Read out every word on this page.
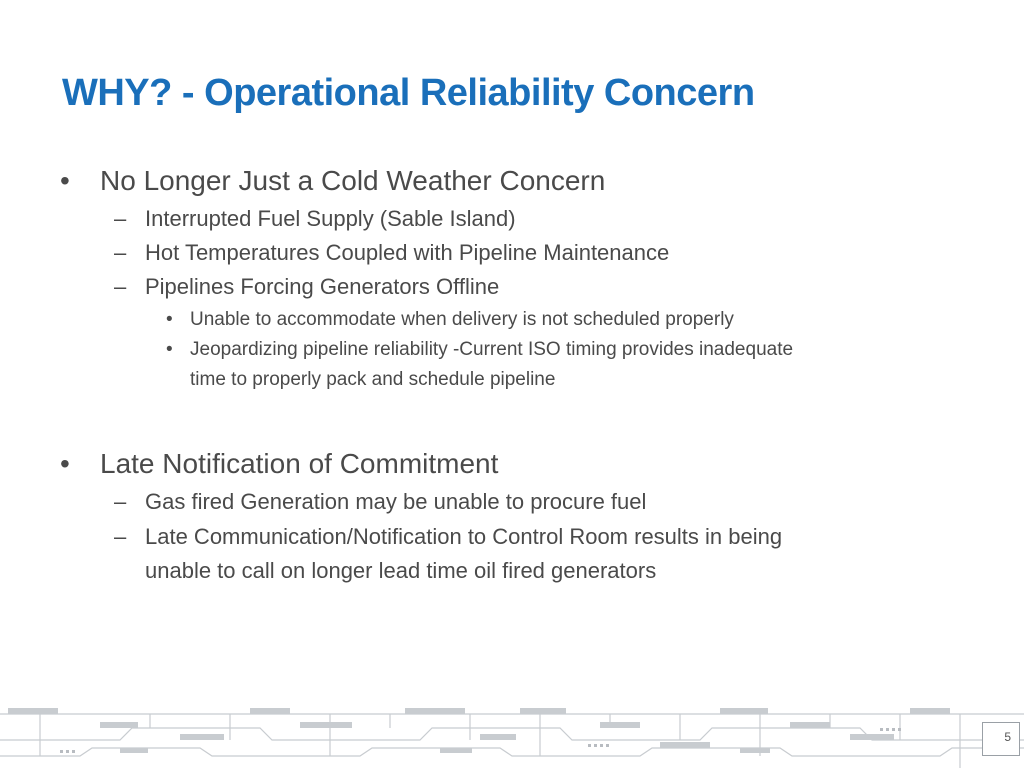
WHY? - Operational Reliability Concern
• No Longer Just a Cold Weather Concern
– Interrupted Fuel Supply (Sable Island)
– Hot Temperatures Coupled with Pipeline Maintenance
– Pipelines Forcing Generators Offline
• Unable to accommodate when delivery is not scheduled properly
• Jeopardizing pipeline reliability -Current ISO timing provides inadequate
time to properly pack and schedule pipeline
• Late Notification of Commitment
– Gas fired Generation may be unable to procure fuel
– Late Communication/Notification to Control Room results in being
unable to call on longer lead time oil fired generators
5
